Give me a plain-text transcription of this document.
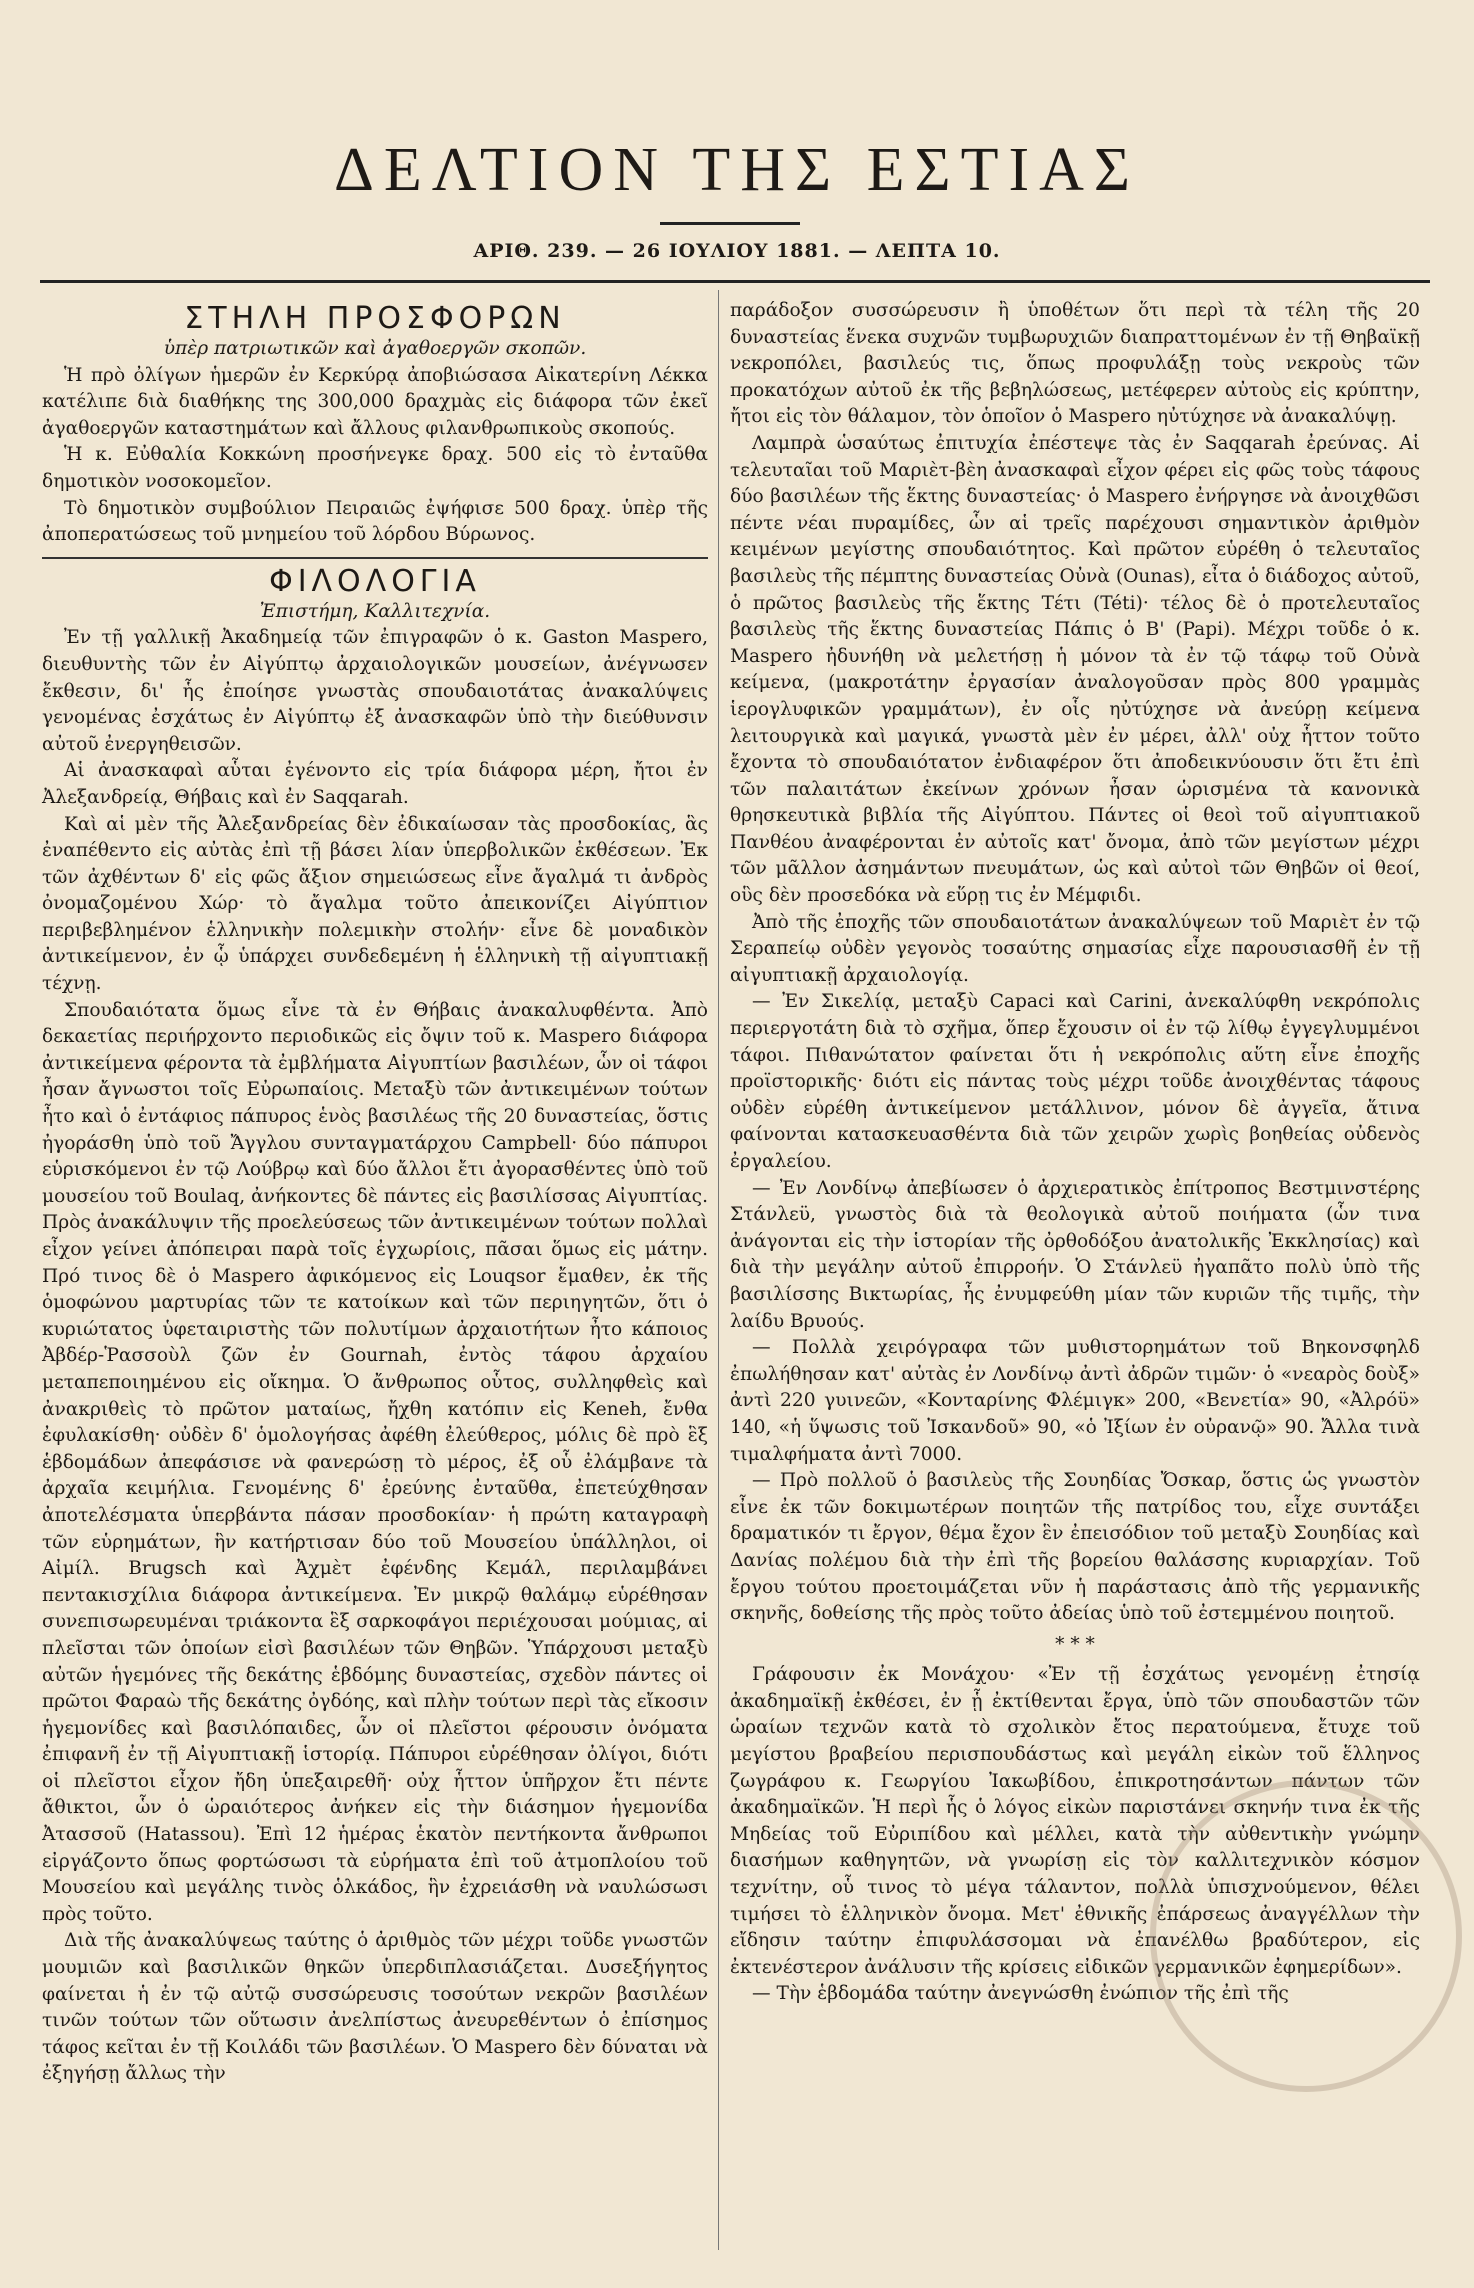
ΔΕΛΤΙΟΝ ΤΗΣ ΕΣΤΙΑΣ
ΑΡΙΘ. 239. — 26 ΙΟΥΛΙΟΥ 1881. — ΛΕΠΤΑ 10.
ΣΤΗΛΗ ΠΡΟΣΦΟΡΩΝ

ὑπὲρ πατριωτικῶν καὶ ἀγαθοεργῶν σκοπῶν.

Ἡ πρὸ ὀλίγων ἡμερῶν ἐν Κερκύρᾳ ἀποβιώσασα Αἰκατερίνη Λέκκα κατέλιπε διὰ διαθήκης της 300,000 δραχμὰς εἰς διάφορα τῶν ἐκεῖ ἀγαθοεργῶν καταστημάτων καὶ ἄλλους φιλανθρωπικοὺς σκοπούς.

Ἡ κ. Εὐθαλία Κοκκώνη προσήνεγκε δραχ. 500 εἰς τὸ ἐνταῦθα δημοτικὸν νοσοκομεῖον.

Τὸ δημοτικὸν συμβούλιον Πειραιῶς ἐψήφισε 500 δραχ. ὑπὲρ τῆς ἀποπερατώσεως τοῦ μνημείου τοῦ λόρδου Βύρωνος.

ΦΙΛΟΛΟΓΙΑ

Ἐπιστήμη, Καλλιτεχνία.

Ἐν τῇ γαλλικῇ Ἀκαδημείᾳ τῶν ἐπιγραφῶν ὁ κ. Gaston Maspero, διευθυντὴς τῶν ἐν Αἰγύπτῳ ἀρχαιολογικῶν μουσείων, ἀνέγνωσεν ἔκθεσιν, δι' ἧς ἐποίησε γνωστὰς σπουδαιοτάτας ἀνακαλύψεις γενομένας ἐσχάτως ἐν Αἰγύπτῳ ἐξ ἀνασκαφῶν ὑπὸ τὴν διεύθυνσιν αὐτοῦ ἐνεργηθεισῶν.

Αἱ ἀνασκαφαὶ αὗται ἐγένοντο εἰς τρία διάφορα μέρη, ἤτοι ἐν Ἀλεξανδρείᾳ, Θήβαις καὶ ἐν Saqqarah.

Καὶ αἱ μὲν τῆς Ἀλεξανδρείας δὲν ἐδικαίωσαν τὰς προσδοκίας, ἃς ἐναπέθεντο εἰς αὐτὰς ἐπὶ τῇ βάσει λίαν ὑπερβολικῶν ἐκθέσεων. Ἐκ τῶν ἀχθέντων δ' εἰς φῶς ἄξιον σημειώσεως εἶνε ἄγαλμά τι ἀνδρὸς ὀνομαζομένου Χώρ· τὸ ἄγαλμα τοῦτο ἀπεικονίζει Αἰγύπτιον περιβεβλημένον ἑλληνικὴν πολεμικὴν στολήν· εἶνε δὲ μοναδικὸν ἀντικείμενον, ἐν ᾧ ὑπάρχει συνδεδεμένη ἡ ἑλληνικὴ τῇ αἰγυπτιακῇ τέχνῃ.

Σπουδαιότατα ὅμως εἶνε τὰ ἐν Θήβαις ἀνακαλυφθέντα. Ἀπὸ δεκαετίας περιήρχοντο περιοδικῶς εἰς ὄψιν τοῦ κ. Maspero διάφορα ἀντικείμενα φέροντα τὰ ἐμβλήματα Αἰγυπτίων βασιλέων, ὧν οἱ τάφοι ἦσαν ἄγνωστοι τοῖς Εὐρωπαίοις. Μεταξὺ τῶν ἀντικειμένων τούτων ἦτο καὶ ὁ ἐντάφιος πάπυρος ἑνὸς βασιλέως τῆς 20 δυναστείας, ὅστις ἠγοράσθη ὑπὸ τοῦ Ἄγγλου συνταγματάρχου Campbell· δύο πάπυροι εὑρισκόμενοι ἐν τῷ Λούβρῳ καὶ δύο ἄλλοι ἔτι ἀγορασθέντες ὑπὸ τοῦ μουσείου τοῦ Boulaq, ἀνήκοντες δὲ πάντες εἰς βασιλίσσας Αἰγυπτίας. Πρὸς ἀνακάλυψιν τῆς προελεύσεως τῶν ἀντικειμένων τούτων πολλαὶ εἶχον γείνει ἀπόπειραι παρὰ τοῖς ἐγχωρίοις, πᾶσαι ὅμως εἰς μάτην. Πρό τινος δὲ ὁ Maspero ἀφικόμενος εἰς Louqsor ἔμαθεν, ἐκ τῆς ὁμοφώνου μαρτυρίας τῶν τε κατοίκων καὶ τῶν περιηγητῶν, ὅτι ὁ κυριώτατος ὑφεταιριστὴς τῶν πολυτίμων ἀρχαιοτήτων ἦτο κάποιος Ἀβδέρ-Ῥασσοὺλ ζῶν ἐν Gournah, ἐντὸς τάφου ἀρχαίου μεταπεποιημένου εἰς οἴκημα. Ὁ ἄνθρωπος οὗτος, συλληφθεὶς καὶ ἀνακριθεὶς τὸ πρῶτον ματαίως, ἤχθη κατόπιν εἰς Keneh, ἔνθα ἐφυλακίσθη· οὐδὲν δ' ὁμολογήσας ἀφέθη ἐλεύθερος, μόλις δὲ πρὸ ἓξ ἑβδομάδων ἀπεφάσισε νὰ φανερώσῃ τὸ μέρος, ἐξ οὗ ἐλάμβανε τὰ ἀρχαῖα κειμήλια. Γενομένης δ' ἐρεύνης ἐνταῦθα, ἐπετεύχθησαν ἀποτελέσματα ὑπερβάντα πάσαν προσδοκίαν· ἡ πρώτη καταγραφὴ τῶν εὑρημάτων, ἣν κατήρτισαν δύο τοῦ Μουσείου ὑπάλληλοι, οἱ Αἰμίλ. Brugsch καὶ Ἀχμὲτ ἐφένδης Κεμάλ, περιλαμβάνει πεντακισχίλια διάφορα ἀντικείμενα. Ἐν μικρῷ θαλάμῳ εὑρέθησαν συνεπισωρευμέναι τριάκοντα ἓξ σαρκοφάγοι περιέχουσαι μούμιας, αἱ πλεῖσται τῶν ὁποίων εἰσὶ βασιλέων τῶν Θηβῶν. Ὑπάρχουσι μεταξὺ αὐτῶν ἡγεμόνες τῆς δεκάτης ἑβδόμης δυναστείας, σχεδὸν πάντες οἱ πρῶτοι Φαραὼ τῆς δεκάτης ὀγδόης, καὶ πλὴν τούτων περὶ τὰς εἴκοσιν ἡγεμονίδες καὶ βασιλόπαιδες, ὧν οἱ πλεῖστοι φέρουσιν ὀνόματα ἐπιφανῆ ἐν τῇ Αἰγυπτιακῇ ἱστορίᾳ. Πάπυροι εὑρέθησαν ὀλίγοι, διότι οἱ πλεῖστοι εἶχον ἤδη ὑπεξαιρεθῆ· οὐχ ἧττον ὑπῆρχον ἔτι πέντε ἄθικτοι, ὧν ὁ ὡραιότερος ἀνήκεν εἰς τὴν διάσημον ἡγεμονίδα Ἀτασσοῦ (Hatassou). Ἐπὶ 12 ἡμέρας ἑκατὸν πεντήκοντα ἄνθρωποι εἰργάζοντο ὅπως φορτώσωσι τὰ εὑρήματα ἐπὶ τοῦ ἀτμοπλοίου τοῦ Μουσείου καὶ μεγάλης τινὸς ὁλκάδος, ἣν ἐχρειάσθη νὰ ναυλώσωσι πρὸς τοῦτο.

Διὰ τῆς ἀνακαλύψεως ταύτης ὁ ἀριθμὸς τῶν μέχρι τοῦδε γνωστῶν μουμιῶν καὶ βασιλικῶν θηκῶν ὑπερδιπλασιάζεται. Δυσεξήγητος φαίνεται ἡ ἐν τῷ αὐτῷ συσσώρευσις τοσούτων νεκρῶν βασιλέων τινῶν τούτων τῶν οὕτωσιν ἀνελπίστως ἀνευρεθέντων ὁ ἐπίσημος τάφος κεῖται ἐν τῇ Κοιλάδι τῶν βασιλέων. Ὁ Maspero δὲν δύναται νὰ ἐξηγήσῃ ἄλλως τὴν

παράδοξον συσσώρευσιν ἢ ὑποθέτων ὅτι περὶ τὰ τέλη τῆς 20 δυναστείας ἕνεκα συχνῶν τυμβωρυχιῶν διαπραττομένων ἐν τῇ Θηβαϊκῇ νεκροπόλει, βασιλεύς τις, ὅπως προφυλάξῃ τοὺς νεκροὺς τῶν προκατόχων αὐτοῦ ἐκ τῆς βεβηλώσεως, μετέφερεν αὐτοὺς εἰς κρύπτην, ἤτοι εἰς τὸν θάλαμον, τὸν ὁποῖον ὁ Maspero ηὐτύχησε νὰ ἀνακαλύψῃ.

Λαμπρὰ ὡσαύτως ἐπιτυχία ἐπέστεψε τὰς ἐν Saqqarah ἐρεύνας. Αἱ τελευταῖαι τοῦ Μαριὲτ-βὲη ἀνασκαφαὶ εἶχον φέρει εἰς φῶς τοὺς τάφους δύο βασιλέων τῆς ἕκτης δυναστείας· ὁ Maspero ἐνήργησε νὰ ἀνοιχθῶσι πέντε νέαι πυραμίδες, ὧν αἱ τρεῖς παρέχουσι σημαντικὸν ἀριθμὸν κειμένων μεγίστης σπουδαιότητος. Καὶ πρῶτον εὑρέθη ὁ τελευταῖος βασιλεὺς τῆς πέμπτης δυναστείας Οὐνὰ (Ounas), εἶτα ὁ διάδοχος αὐτοῦ, ὁ πρῶτος βασιλεὺς τῆς ἕκτης Τέτι (Téti)· τέλος δὲ ὁ προτελευταῖος βασιλεὺς τῆς ἕκτης δυναστείας Πάπις ὁ Β' (Papi). Μέχρι τοῦδε ὁ κ. Maspero ἠδυνήθη νὰ μελετήσῃ ἡ μόνον τὰ ἐν τῷ τάφῳ τοῦ Οὐνὰ κείμενα, (μακροτάτην ἐργασίαν ἀναλογοῦσαν πρὸς 800 γραμμὰς ἱερογλυφικῶν γραμμάτων), ἐν οἷς ηὐτύχησε νὰ ἀνεύρῃ κείμενα λειτουργικὰ καὶ μαγικά, γνωστὰ μὲν ἐν μέρει, ἀλλ' οὐχ ἧττον τοῦτο ἔχοντα τὸ σπουδαιότατον ἐνδιαφέρον ὅτι ἀποδεικνύουσιν ὅτι ἔτι ἐπὶ τῶν παλαιτάτων ἐκείνων χρόνων ἦσαν ὡρισμένα τὰ κανονικὰ θρησκευτικὰ βιβλία τῆς Αἰγύπτου. Πάντες οἱ θεοὶ τοῦ αἰγυπτιακοῦ Πανθέου ἀναφέρονται ἐν αὐτοῖς κατ' ὄνομα, ἀπὸ τῶν μεγίστων μέχρι τῶν μᾶλλον ἀσημάντων πνευμάτων, ὡς καὶ αὐτοὶ τῶν Θηβῶν οἱ θεοί, οὓς δὲν προσεδόκα νὰ εὕρῃ τις ἐν Μέμφιδι.

Ἀπὸ τῆς ἐποχῆς τῶν σπουδαιοτάτων ἀνακαλύψεων τοῦ Μαριὲτ ἐν τῷ Σεραπείῳ οὐδὲν γεγονὸς τοσαύτης σημασίας εἶχε παρουσιασθῆ ἐν τῇ αἰγυπτιακῇ ἀρχαιολογίᾳ.

— Ἐν Σικελίᾳ, μεταξὺ Capaci καὶ Carini, ἀνεκαλύφθη νεκρόπολις περιεργοτάτη διὰ τὸ σχῆμα, ὅπερ ἔχουσιν οἱ ἐν τῷ λίθῳ ἐγγεγλυμμένοι τάφοι. Πιθανώτατον φαίνεται ὅτι ἡ νεκρόπολις αὕτη εἶνε ἐποχῆς προϊστορικῆς· διότι εἰς πάντας τοὺς μέχρι τοῦδε ἀνοιχθέντας τάφους οὐδὲν εὑρέθη ἀντικείμενον μετάλλινον, μόνον δὲ ἀγγεῖα, ἅτινα φαίνονται κατασκευασθέντα διὰ τῶν χειρῶν χωρὶς βοηθείας οὐδενὸς ἐργαλείου.

— Ἐν Λονδίνῳ ἀπεβίωσεν ὁ ἀρχιερατικὸς ἐπίτροπος Βεστμινστέρης Στάνλεϋ, γνωστὸς διὰ τὰ θεολογικὰ αὐτοῦ ποιήματα (ὧν τινα ἀνάγονται εἰς τὴν ἱστορίαν τῆς ὀρθοδόξου ἀνατολικῆς Ἐκκλησίας) καὶ διὰ τὴν μεγάλην αὐτοῦ ἐπιρροήν. Ὁ Στάνλεϋ ἠγαπᾶτο πολὺ ὑπὸ τῆς βασιλίσσης Βικτωρίας, ἧς ἐνυμφεύθη μίαν τῶν κυριῶν τῆς τιμῆς, τὴν λαίδυ Βρυούς.

— Πολλὰ χειρόγραφα τῶν μυθιστορημάτων τοῦ Βηκονσφηλδ ἐπωλήθησαν κατ' αὐτὰς ἐν Λονδίνῳ ἀντὶ ἀδρῶν τιμῶν· ὁ «νεαρὸς δοὺξ» ἀντὶ 220 γυινεῶν, «Κονταρίνης Φλέμιγκ» 200, «Βενετία» 90, «Ἀλρόϋ» 140, «ἡ ὕψωσις τοῦ Ἰσκανδοῦ» 90, «ὁ Ἰξίων ἐν οὐρανῷ» 90. Ἄλλα τινὰ τιμαλφήματα ἀντὶ 7000.

— Πρὸ πολλοῦ ὁ βασιλεὺς τῆς Σουηδίας Ὄσκαρ, ὅστις ὡς γνωστὸν εἶνε ἐκ τῶν δοκιμωτέρων ποιητῶν τῆς πατρίδος του, εἶχε συντάξει δραματικόν τι ἔργον, θέμα ἔχον ἓν ἐπεισόδιον τοῦ μεταξὺ Σουηδίας καὶ Δανίας πολέμου διὰ τὴν ἐπὶ τῆς βορείου θαλάσσης κυριαρχίαν. Τοῦ ἔργου τούτου προετοιμάζεται νῦν ἡ παράστασις ἀπὸ τῆς γερμανικῆς σκηνῆς, δοθείσης τῆς πρὸς τοῦτο ἀδείας ὑπὸ τοῦ ἐστεμμένου ποιητοῦ.

* * *

Γράφουσιν ἐκ Μονάχου· «Ἐν τῇ ἐσχάτως γενομένῃ ἐτησίᾳ ἀκαδημαϊκῇ ἐκθέσει, ἐν ᾗ ἐκτίθενται ἔργα, ὑπὸ τῶν σπουδαστῶν τῶν ὡραίων τεχνῶν κατὰ τὸ σχολικὸν ἔτος περατούμενα, ἔτυχε τοῦ μεγίστου βραβείου περισπουδάστως καὶ μεγάλη εἰκὼν τοῦ ἕλληνος ζωγράφου κ. Γεωργίου Ἰακωβίδου, ἐπικροτησάντων πάντων τῶν ἀκαδημαϊκῶν. Ἡ περὶ ἧς ὁ λόγος εἰκὼν παριστάνει σκηνήν τινα ἐκ τῆς Μηδείας τοῦ Εὐριπίδου καὶ μέλλει, κατὰ τὴν αὐθεντικὴν γνώμην διασήμων καθηγητῶν, νὰ γνωρίσῃ εἰς τὸν καλλιτεχνικὸν κόσμον τεχνίτην, οὗ τινος τὸ μέγα τάλαντον, πολλὰ ὑπισχνούμενον, θέλει τιμήσει τὸ ἑλληνικὸν ὄνομα. Μετ' ἐθνικῆς ἐπάρσεως ἀναγγέλλων τὴν εἴδησιν ταύτην ἐπιφυλάσσομαι νὰ ἐπανέλθω βραδύτερον, εἰς ἐκτενέστερον ἀνάλυσιν τῆς κρίσεις εἰδικῶν γερμανικῶν ἐφημερίδων».

— Τὴν ἑβδομάδα ταύτην ἀνεγνώσθη ἐνώπιον τῆς ἐπὶ τῆς
